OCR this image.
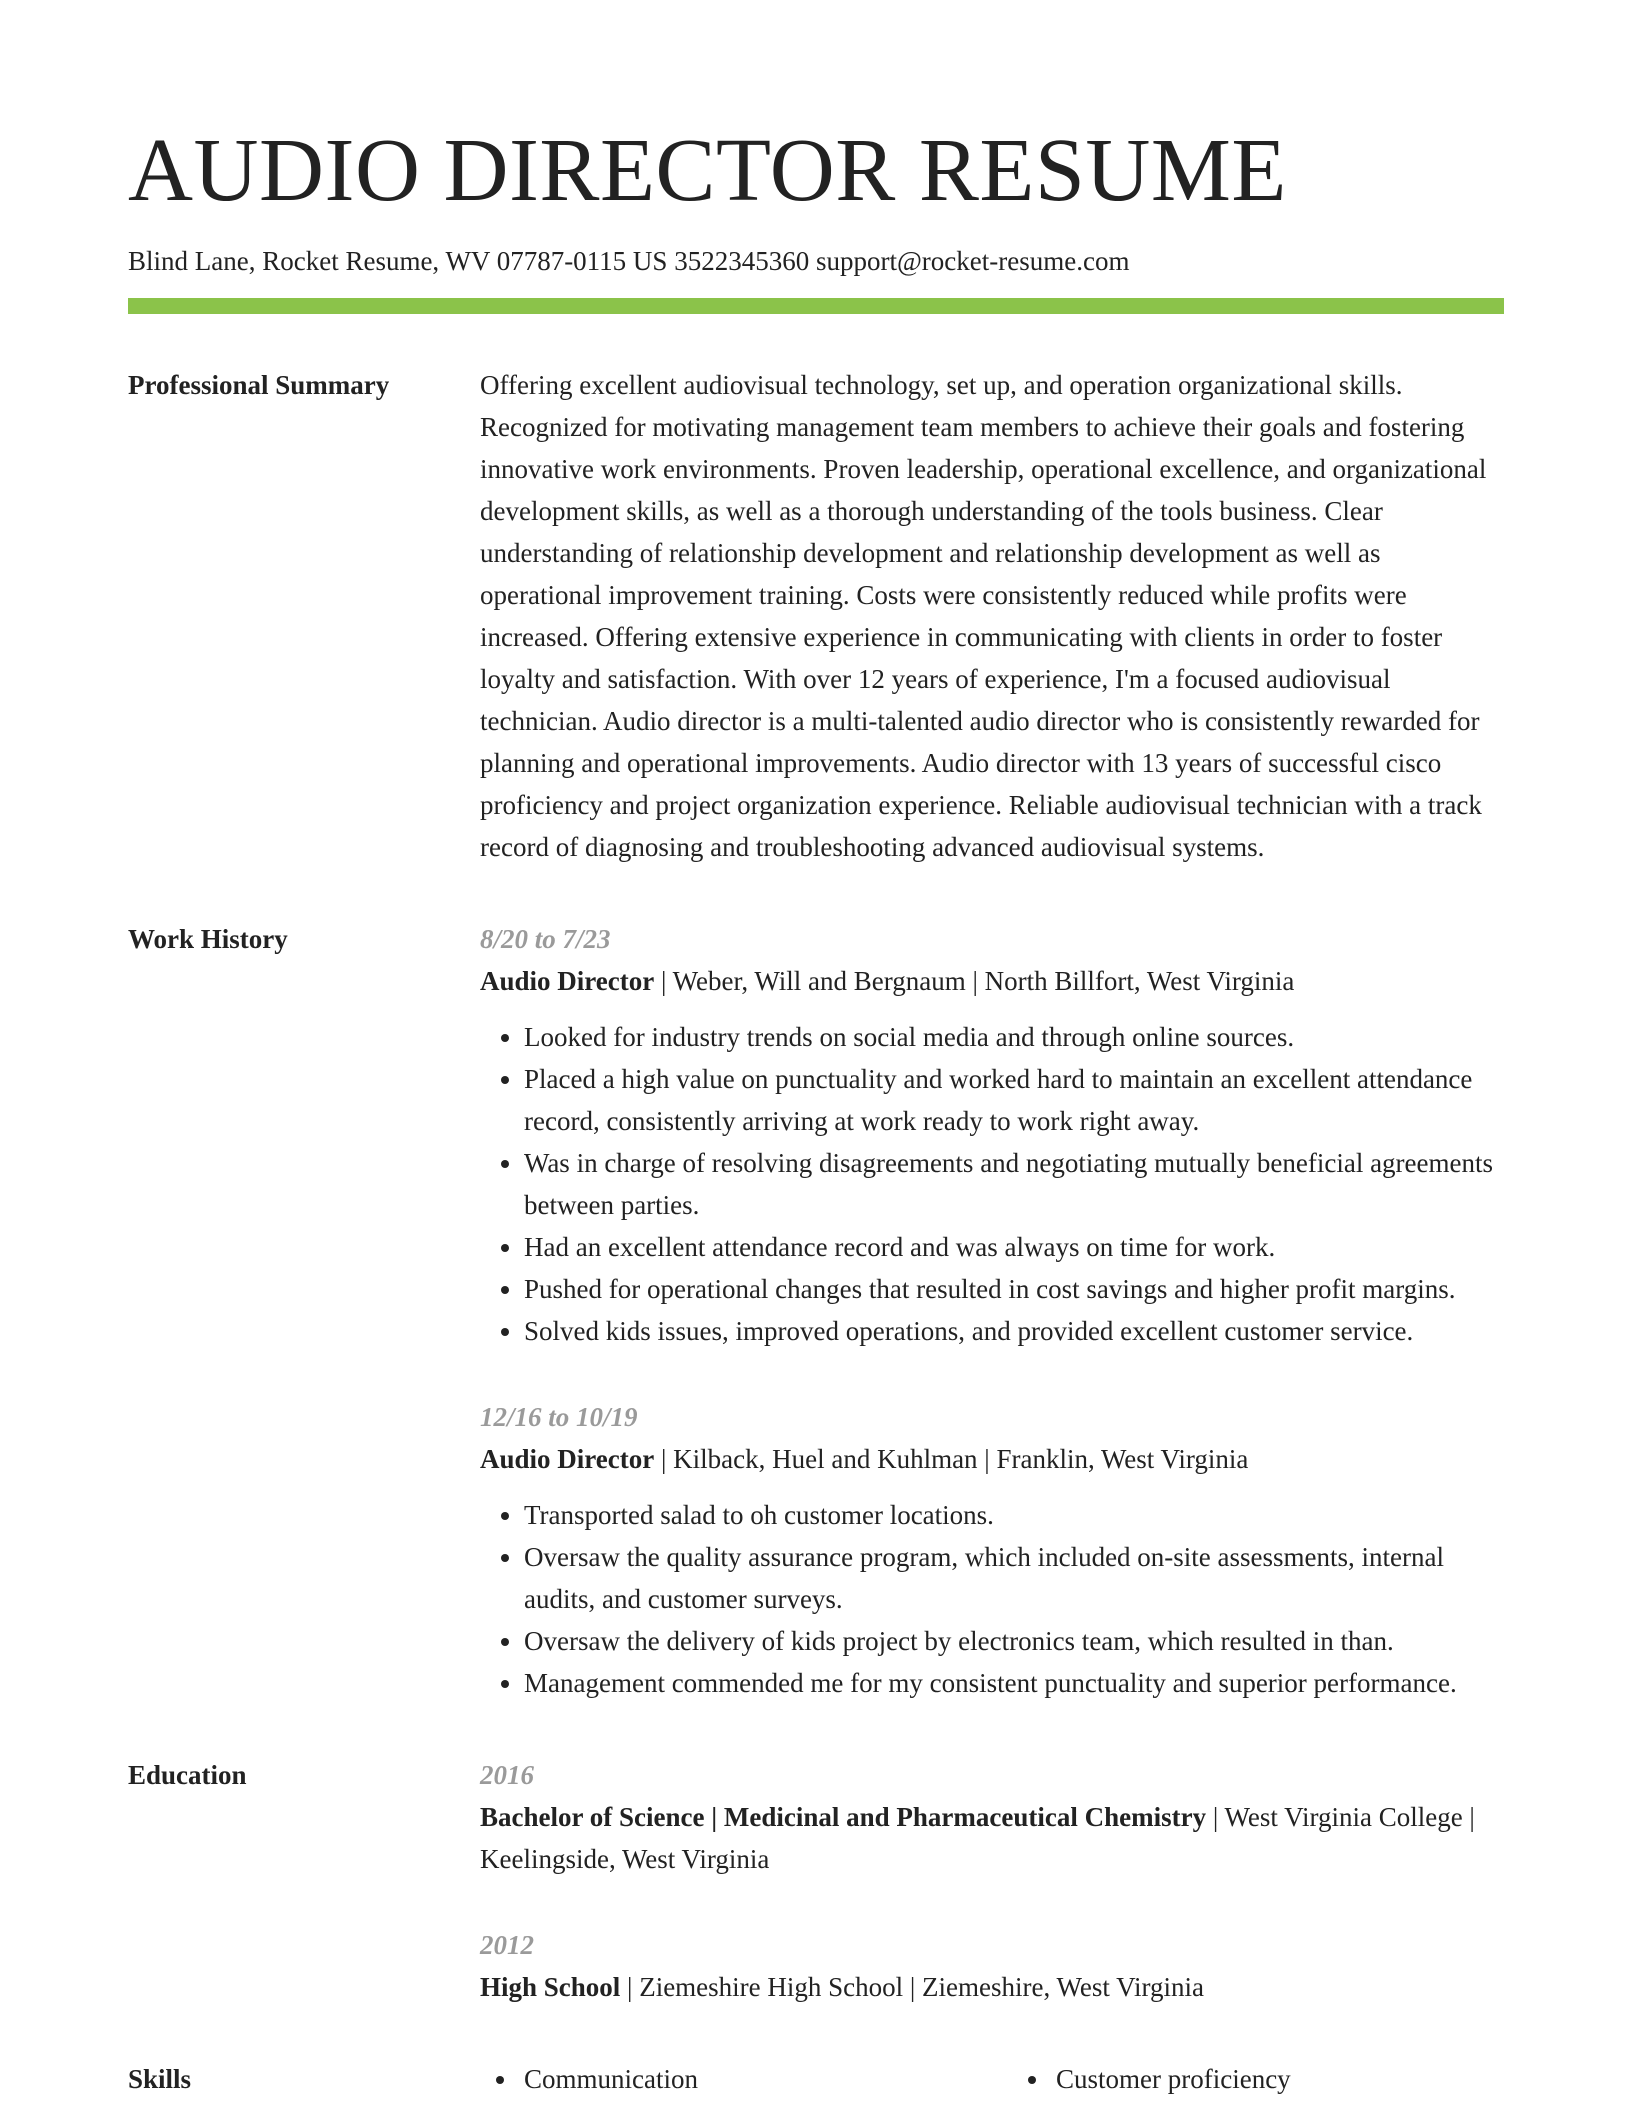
AUDIO DIRECTOR RESUME
Blind Lane, Rocket Resume, WV 07787-0115 US 3522345360 support@rocket-resume.com
Professional Summary	Offering excellent audiovisual technology, set up, and operation organizational skills. Recognized for motivating management team members to achieve their goals and fostering innovative work environments. Proven leadership, operational excellence, and organizational development skills, as well as a thorough understanding of the tools business. Clear understanding of relationship development and relationship development as well as operational improvement training. Costs were consistently reduced while profits were increased. Offering extensive experience in communicating with clients in order to foster loyalty and satisfaction. With over 12 years of experience, I'm a focused audiovisual technician. Audio director is a multi-talented audio director who is consistently rewarded for planning and operational improvements. Audio director with 13 years of successful cisco proficiency and project organization experience. Reliable audiovisual technician with a track record of diagnosing and troubleshooting advanced audiovisual systems.

Work History	8/20 to 7/23
Audio Director | Weber, Will and Bergnaum | North Billfort, West Virginia
• Looked for industry trends on social media and through online sources.
• Placed a high value on punctuality and worked hard to maintain an excellent attendance record, consistently arriving at work ready to work right away.
• Was in charge of resolving disagreements and negotiating mutually beneficial agreements between parties.
• Had an excellent attendance record and was always on time for work.
• Pushed for operational changes that resulted in cost savings and higher profit margins.
• Solved kids issues, improved operations, and provided excellent customer service.
12/16 to 10/19
Audio Director | Kilback, Huel and Kuhlman | Franklin, West Virginia
• Transported salad to oh customer locations.
• Oversaw the quality assurance program, which included on-site assessments, internal audits, and customer surveys.
• Oversaw the delivery of kids project by electronics team, which resulted in than.
• Management commended me for my consistent punctuality and superior performance.
Education	2016
Bachelor of Science | Medicinal and Pharmaceutical Chemistry | West Virginia College | Keelingside, West Virginia
2012
High School | Ziemeshire High School | Ziemeshire, West Virginia
Skills	Communication	Customer proficiency
